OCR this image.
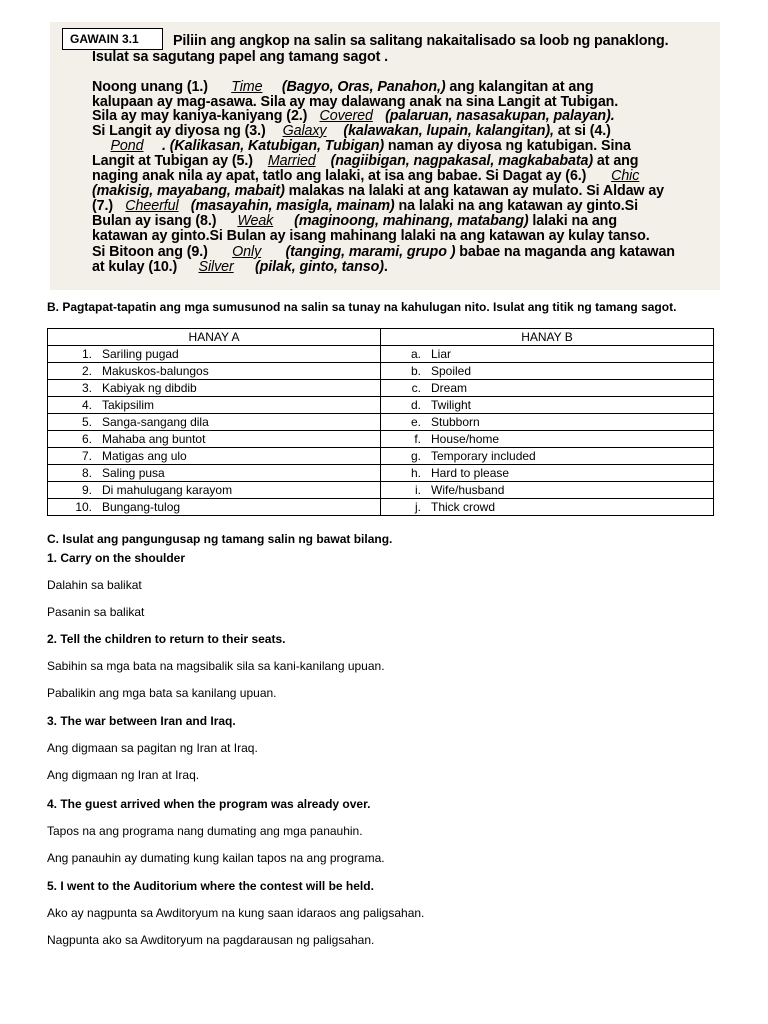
GAWAIN 3.1	Piliin ang angkop na salin sa salitang nakaitalisado sa loob ng panaklong.
Isulat sa sagutang papel ang tamang sagot .
Noong unang (1.) Time (Bagyo, Oras, Panahon,) ang kalangitan at ang
kalupaan ay mag-asawa. Sila ay may dalawang anak na sina Langit at Tubigan.
Sila ay may kaniya-kaniyang (2.) Covered (palaruan, nasasakupan, palayan).
Si Langit ay diyosa ng (3.) Galaxy (kalawakan, lupain, kalangitan), at si (4.)
Pond . (Kalikasan, Katubigan, Tubigan) naman ay diyosa ng katubigan. Sina
Langit at Tubigan ay (5.) Married (nagiibigan, nagpakasal, magkababata) at ang
naging anak nila ay apat, tatlo ang lalaki, at isa ang babae. Si Dagat ay (6.) Chic
(makisig, mayabang, mabait) malakas na lalaki at ang katawan ay mulato. Si Aldaw ay
(7.) Cheerful (masayahin, masigla, mainam) na lalaki na ang katawan ay ginto.Si
Bulan ay isang (8.) Weak (maginoong, mahinang, matabang) lalaki na ang
katawan ay ginto.Si Bulan ay isang mahinang lalaki na ang katawan ay kulay tanso.
Si Bitoon ang (9.) Only (tanging, marami, grupo ) babae na maganda ang katawan
at kulay (10.) Silver (pilak, ginto, tanso).
B. Pagtapat-tapatin ang mga sumusunod na salin sa tunay na kahulugan nito. Isulat ang titik ng tamang sagot.
HANAY A	HANAY B
1. Sariling pugad	a. Liar
2. Makuskos-balungos	b. Spoiled
3. Kabiyak ng dibdib	c. Dream
4. Takipsilim	d. Twilight
5. Sanga-sangang dila	e. Stubborn
6. Mahaba ang buntot	f. House/home
7. Matigas ang ulo	g. Temporary included
8. Saling pusa	h. Hard to please
9. Di mahulugang karayom	i. Wife/husband
10. Bungang-tulog	j. Thick crowd
C. Isulat ang pangungusap ng tamang salin ng bawat bilang.
1. Carry on the shoulder
Dalahin sa balikat
Pasanin sa balikat
2. Tell the children to return to their seats.
Sabihin sa mga bata na magsibalik sila sa kani-kanilang upuan.
Pabalikin ang mga bata sa kanilang upuan.
3. The war between Iran and Iraq.
Ang digmaan sa pagitan ng Iran at Iraq.
Ang digmaan ng Iran at Iraq.
4. The guest arrived when the program was already over.
Tapos na ang programa nang dumating ang mga panauhin.
Ang panauhin ay dumating kung kailan tapos na ang programa.
5. I went to the Auditorium where the contest will be held.
Ako ay nagpunta sa Awditoryum na kung saan idaraos ang paligsahan.
Nagpunta ako sa Awditoryum na pagdarausan ng paligsahan.
